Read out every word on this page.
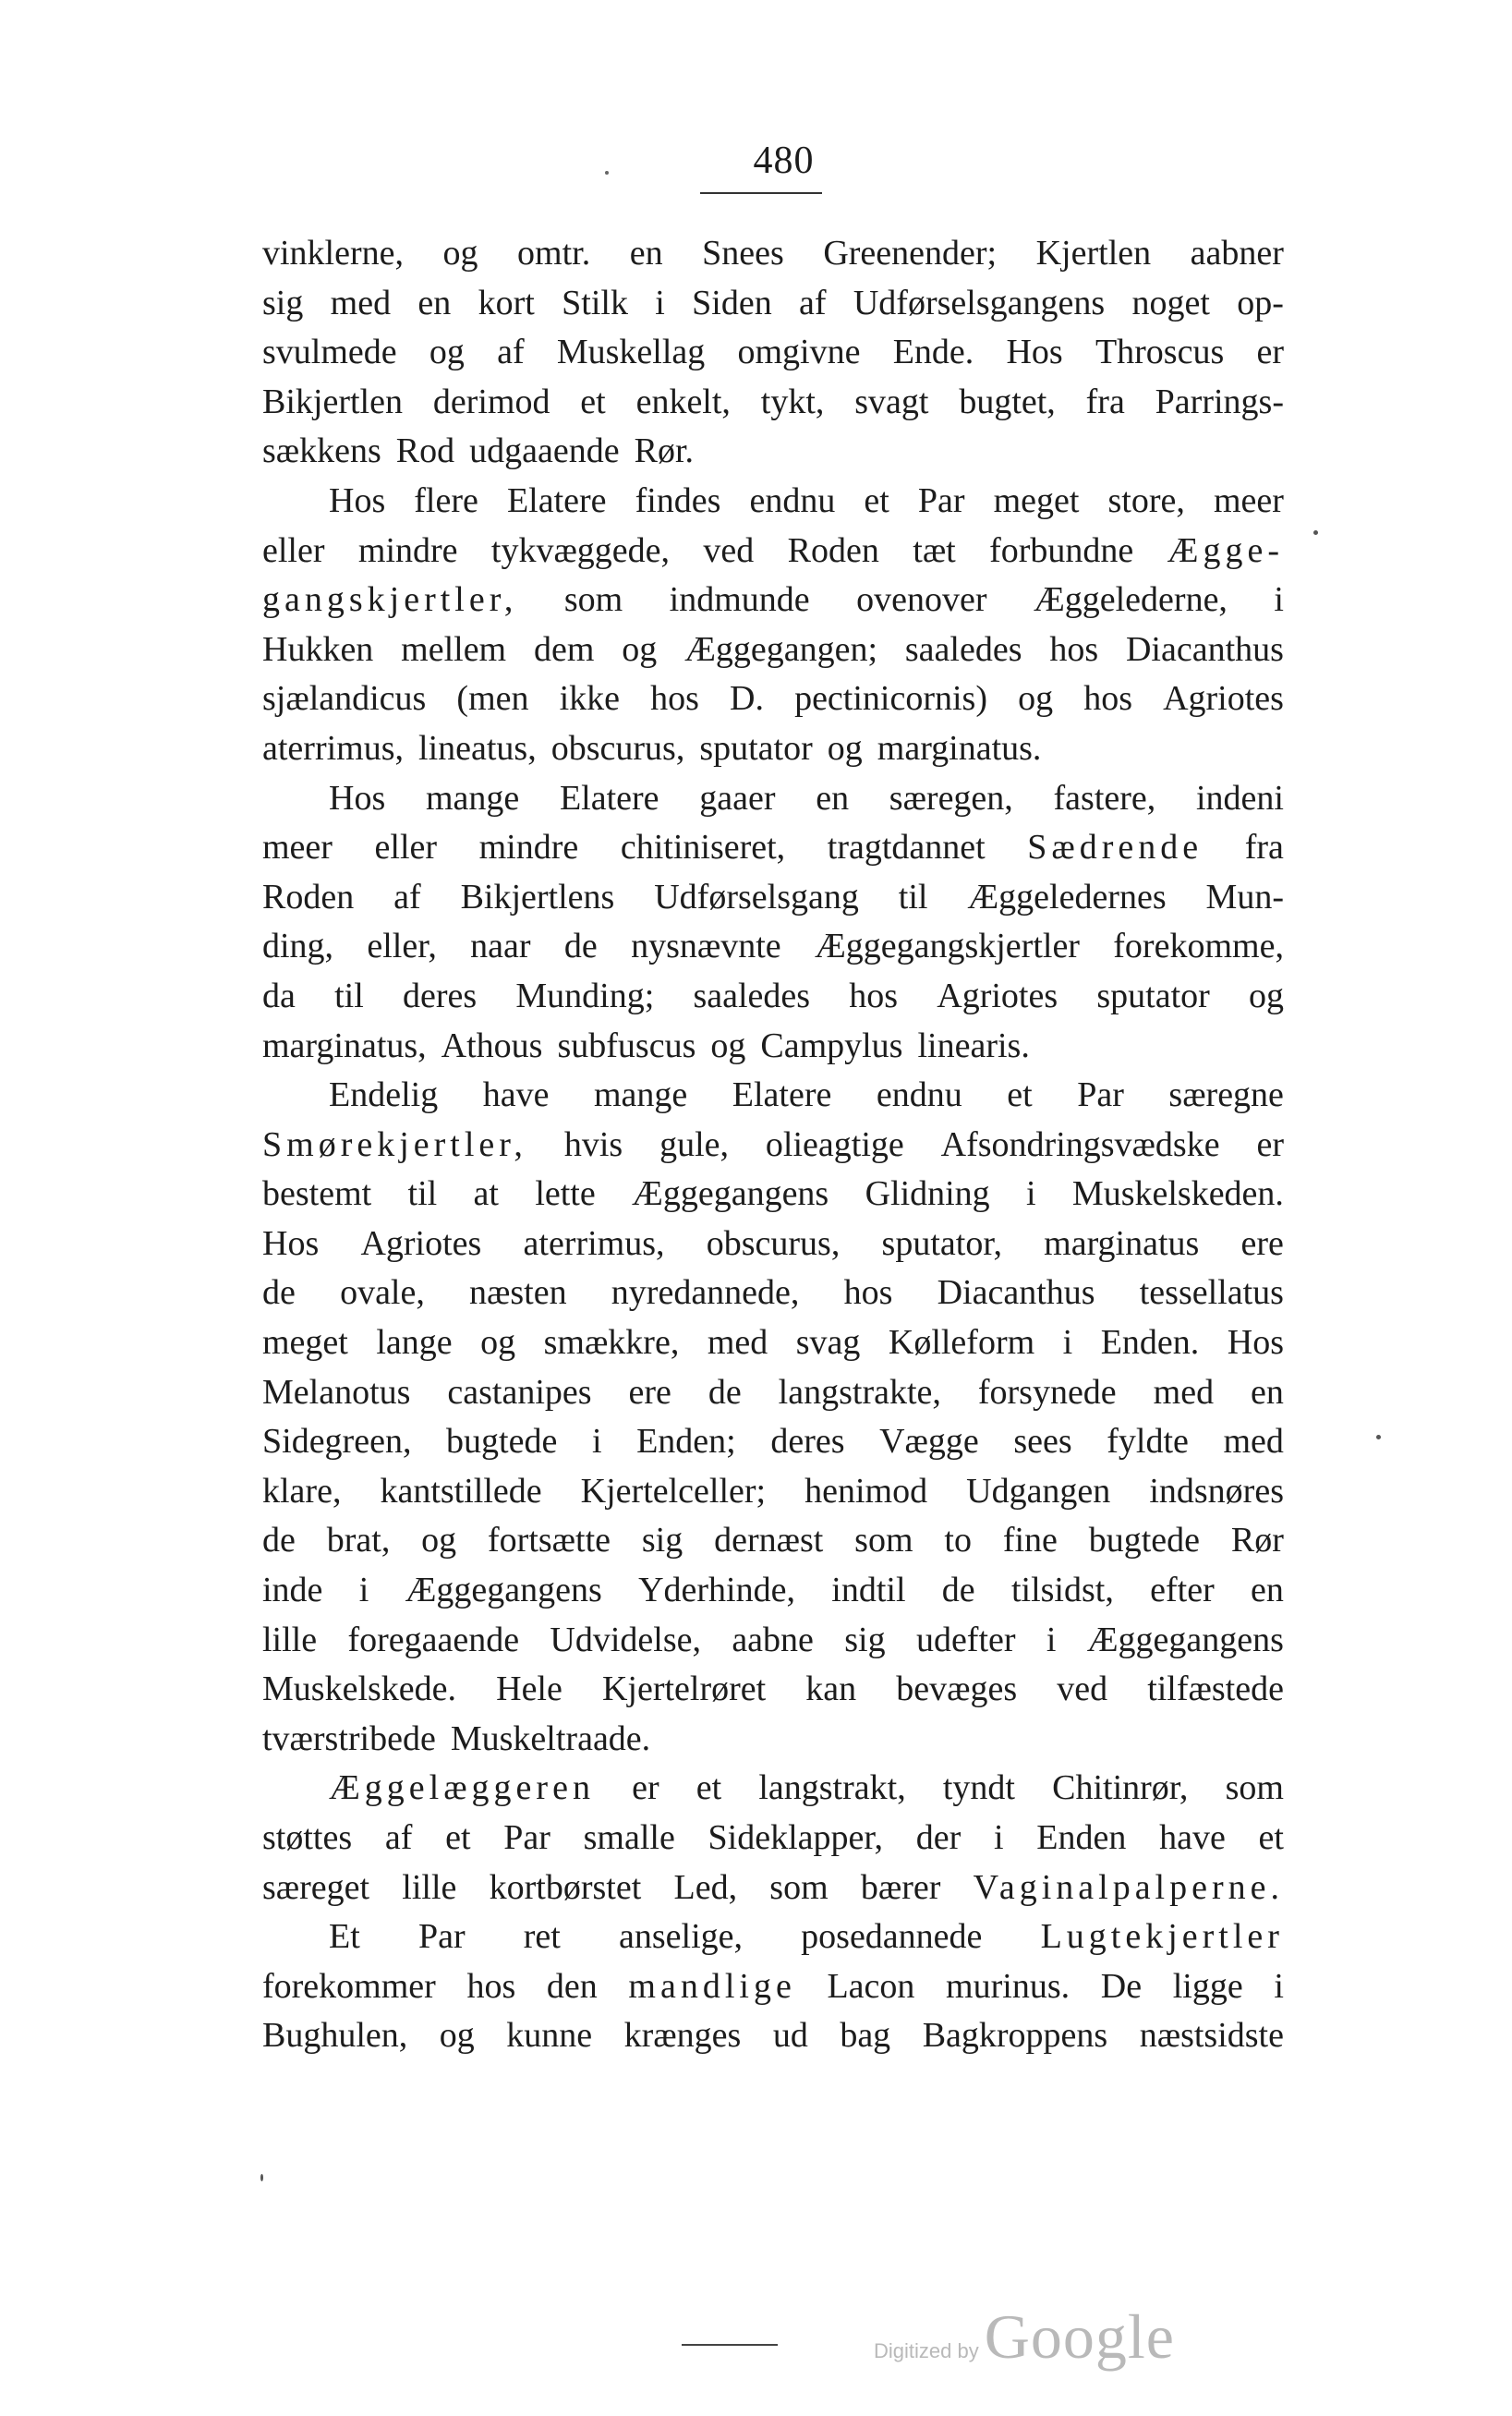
480
vinklerne, og omtr. en Snees Greenender; Kjertlen aabner
sig med en kort Stilk i Siden af Udførselsgangens noget op-
svulmede og af Muskellag omgivne Ende. Hos Throscus er
Bikjertlen derimod et enkelt, tykt, svagt bugtet, fra Parrings-
sækkens Rod udgaaende Rør.
Hos flere Elatere findes endnu et Par meget store, meer
eller mindre tykvæggede, ved Roden tæt forbundne Ægge-
gangskjertler, som indmunde ovenover Æggelederne, i
Hukken mellem dem og Æggegangen; saaledes hos Diacanthus
sjælandicus (men ikke hos D. pectinicornis) og hos Agriotes
aterrimus, lineatus, obscurus, sputator og marginatus.
Hos mange Elatere gaaer en særegen, fastere, indeni
meer eller mindre chitiniseret, tragtdannet Sædrende fra
Roden af Bikjertlens Udførselsgang til Æggeledernes Mun-
ding, eller, naar de nysnævnte Æggegangskjertler forekomme,
da til deres Munding; saaledes hos Agriotes sputator og
marginatus, Athous subfuscus og Campylus linearis.
Endelig have mange Elatere endnu et Par særegne
Smørekjertler, hvis gule, olieagtige Afsondringsvædske er
bestemt til at lette Æggegangens Glidning i Muskelskeden.
Hos Agriotes aterrimus, obscurus, sputator, marginatus ere
de ovale, næsten nyredannede, hos Diacanthus tessellatus
meget lange og smækkre, med svag Kølleform i Enden. Hos
Melanotus castanipes ere de langstrakte, forsynede med en
Sidegreen, bugtede i Enden; deres Vægge sees fyldte med
klare, kantstillede Kjertelceller; henimod Udgangen indsnøres
de brat, og fortsætte sig dernæst som to fine bugtede Rør
inde i Æggegangens Yderhinde, indtil de tilsidst, efter en
lille foregaaende Udvidelse, aabne sig udefter i Æggegangens
Muskelskede. Hele Kjertelrøret kan bevæges ved tilfæstede
tværstribede Muskeltraade.
Æggelæggeren er et langstrakt, tyndt Chitinrør, som
støttes af et Par smalle Sideklapper, der i Enden have et
særeget lille kortbørstet Led, som bærer Vaginalpalperne.
Et Par ret anselige, posedannede Lugtekjertler
forekommer hos den mandlige Lacon murinus. De ligge i
Bughulen, og kunne krænges ud bag Bagkroppens næstsidste
Digitized by Google
